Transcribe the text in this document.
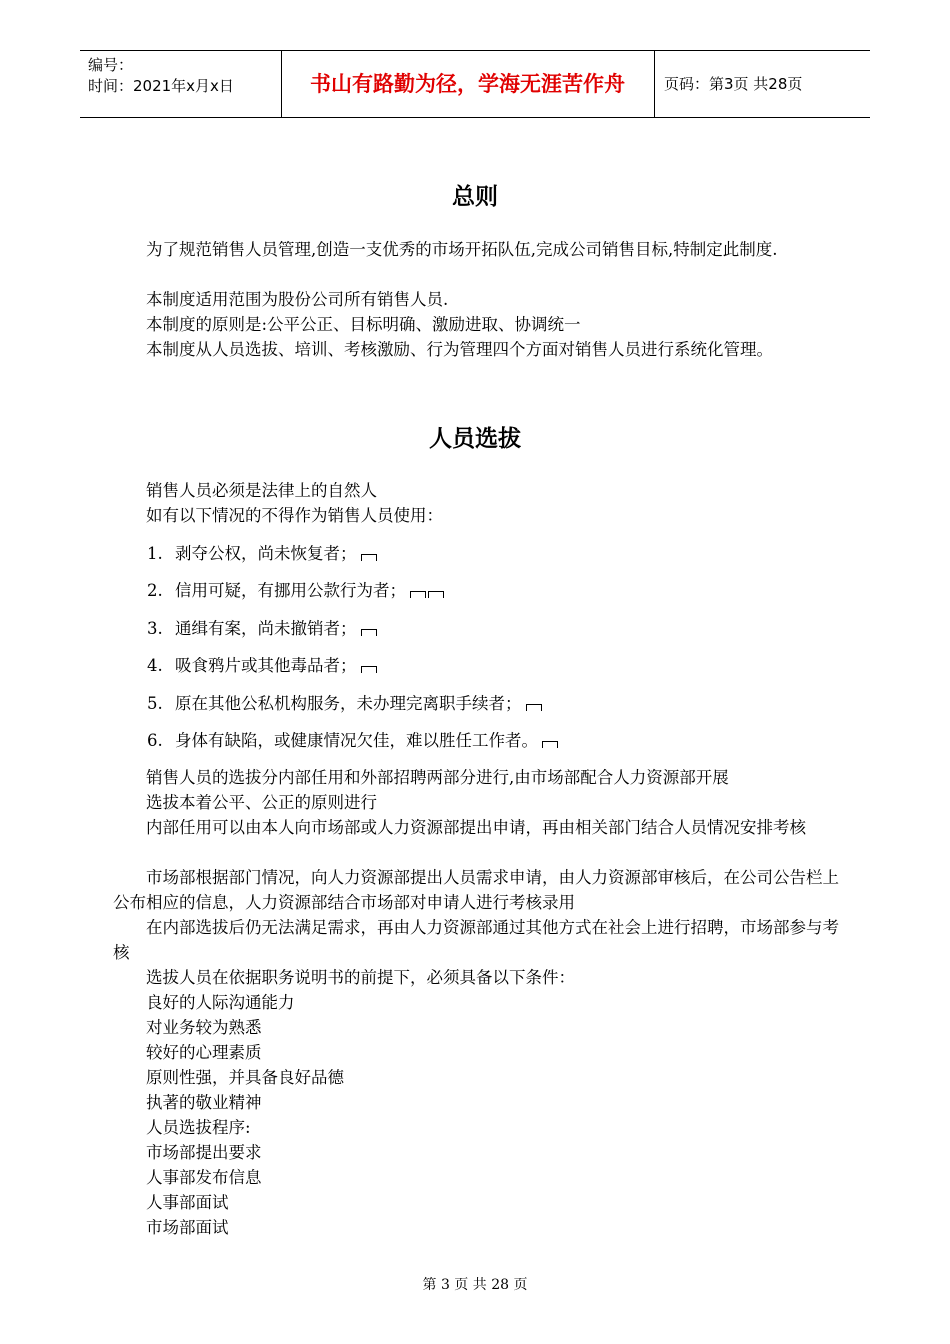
编号：
时间：2021年x月x日	书山有路勤为径，学海无涯苦作舟	页码：第3页 共28页
总则

为了规范销售人员管理,创造一支优秀的市场开拓队伍,完成公司销售目标,特制定此制度.

本制度适用范围为股份公司所有销售人员.

本制度的原则是:公平公正、目标明确、激励进取、协调统一

本制度从人员选拔、培训、考核激励、行为管理四个方面对销售人员进行系统化管理。

人员选拔

销售人员必须是法律上的自然人

如有以下情况的不得作为销售人员使用：

1. 剥夺公权，尚未恢复者；
2. 信用可疑，有挪用公款行为者；
3. 通缉有案，尚未撤销者；
4. 吸食鸦片或其他毒品者；
5. 原在其他公私机构服务，未办理完离职手续者；
6. 身体有缺陷，或健康情况欠佳，难以胜任工作者。

销售人员的选拔分内部任用和外部招聘两部分进行,由市场部配合人力资源部开展

选拔本着公平、公正的原则进行

内部任用可以由本人向市场部或人力资源部提出申请，再由相关部门结合人员情况安排考核

市场部根据部门情况，向人力资源部提出人员需求申请，由人力资源部审核后，在公司公告栏上公布相应的信息，人力资源部结合市场部对申请人进行考核录用

在内部选拔后仍无法满足需求，再由人力资源部通过其他方式在社会上进行招聘，市场部参与考核

选拔人员在依据职务说明书的前提下，必须具备以下条件：

良好的人际沟通能力

对业务较为熟悉

较好的心理素质

原则性强，并具备良好品德

执著的敬业精神

人员选拔程序:

市场部提出要求

人事部发布信息

人事部面试

市场部面试

第 3 页 共 28 页
